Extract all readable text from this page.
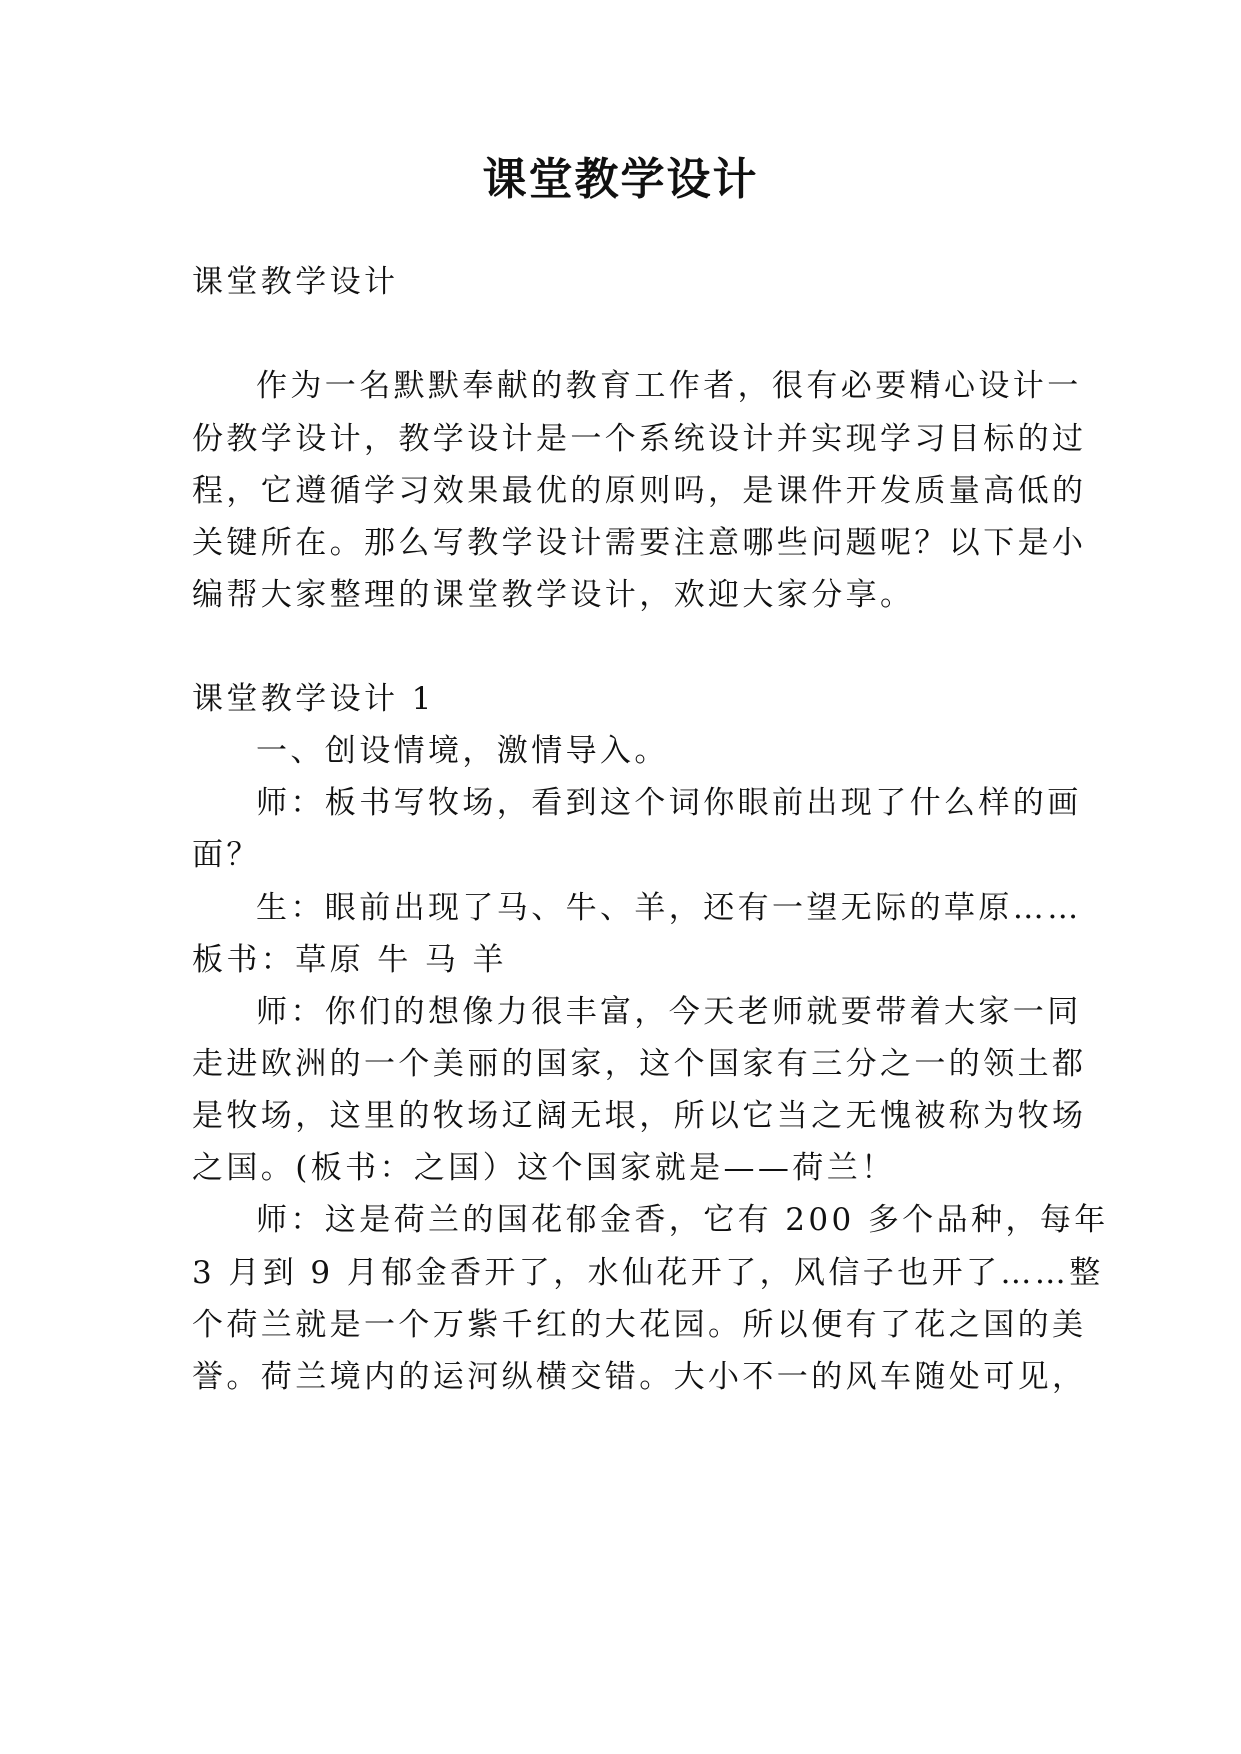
课堂教学设计
课堂教学设计
作为一名默默奉献的教育工作者，很有必要精心设计一
份教学设计，教学设计是一个系统设计并实现学习目标的过
程，它遵循学习效果最优的原则吗，是课件开发质量高低的
关键所在。那么写教学设计需要注意哪些问题呢？以下是小
编帮大家整理的课堂教学设计，欢迎大家分享。
课堂教学设计 1
一、创设情境，激情导入。
师：板书写牧场，看到这个词你眼前出现了什么样的画
面？
生：眼前出现了马、牛、羊，还有一望无际的草原……
板书：草原 牛 马 羊
师：你们的想像力很丰富，今天老师就要带着大家一同
走进欧洲的一个美丽的国家，这个国家有三分之一的领土都
是牧场，这里的牧场辽阔无垠，所以它当之无愧被称为牧场
之国。(板书：之国）这个国家就是——荷兰！
师：这是荷兰的国花郁金香，它有 200 多个品种，每年
3 月到 9 月郁金香开了，水仙花开了，风信子也开了……整
个荷兰就是一个万紫千红的大花园。所以便有了花之国的美
誉。荷兰境内的运河纵横交错。大小不一的风车随处可见，
